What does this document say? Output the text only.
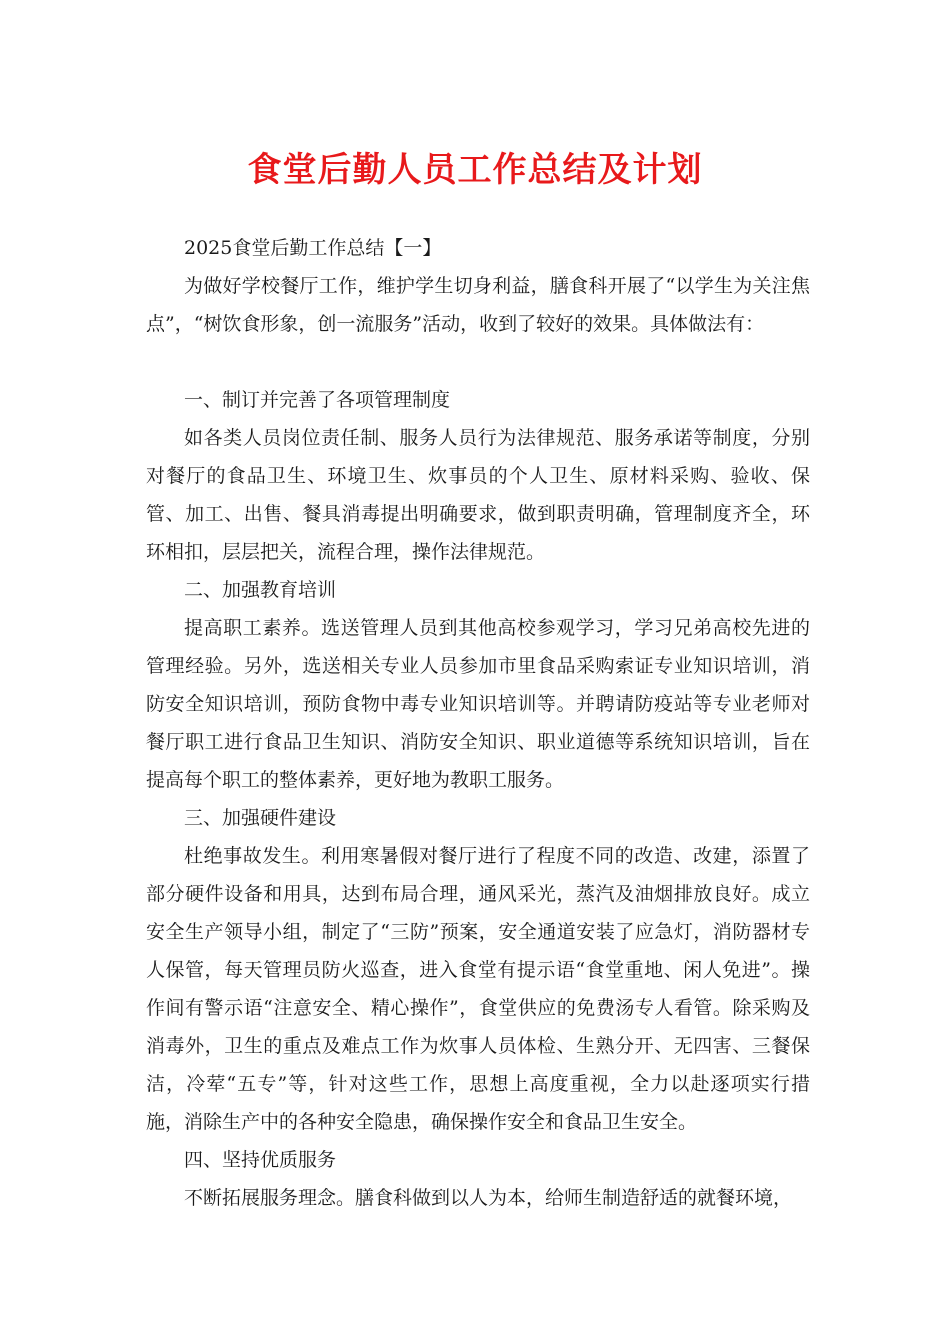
食堂后勤人员工作总结及计划

2025食堂后勤工作总结【一】

为做好学校餐厅工作，维护学生切身利益，膳食科开展了“以学生为关注焦点”，“树饮食形象，创一流服务”活动，收到了较好的效果。具体做法有：

一、制订并完善了各项管理制度

如各类人员岗位责任制、服务人员行为法律规范、服务承诺等制度，分别对餐厅的食品卫生、环境卫生、炊事员的个人卫生、原材料采购、验收、保管、加工、出售、餐具消毒提出明确要求，做到职责明确，管理制度齐全，环环相扣，层层把关，流程合理，操作法律规范。

二、加强教育培训

提高职工素养。选送管理人员到其他高校参观学习，学习兄弟高校先进的管理经验。另外，选送相关专业人员参加市里食品采购索证专业知识培训，消防安全知识培训，预防食物中毒专业知识培训等。并聘请防疫站等专业老师对餐厅职工进行食品卫生知识、消防安全知识、职业道德等系统知识培训，旨在提高每个职工的整体素养，更好地为教职工服务。

三、加强硬件建设

杜绝事故发生。利用寒暑假对餐厅进行了程度不同的改造、改建，添置了部分硬件设备和用具，达到布局合理，通风采光，蒸汽及油烟排放良好。成立安全生产领导小组，制定了“三防”预案，安全通道安装了应急灯，消防器材专人保管，每天管理员防火巡查，进入食堂有提示语“食堂重地、闲人免进”。操作间有警示语“注意安全、精心操作”，食堂供应的免费汤专人看管。除采购及消毒外，卫生的重点及难点工作为炊事人员体检、生熟分开、无四害、三餐保洁，冷荤“五专”等，针对这些工作，思想上高度重视，全力以赴逐项实行措施，消除生产中的各种安全隐患，确保操作安全和食品卫生安全。

四、坚持优质服务

不断拓展服务理念。膳食科做到以人为本，给师生制造舒适的就餐环境，
